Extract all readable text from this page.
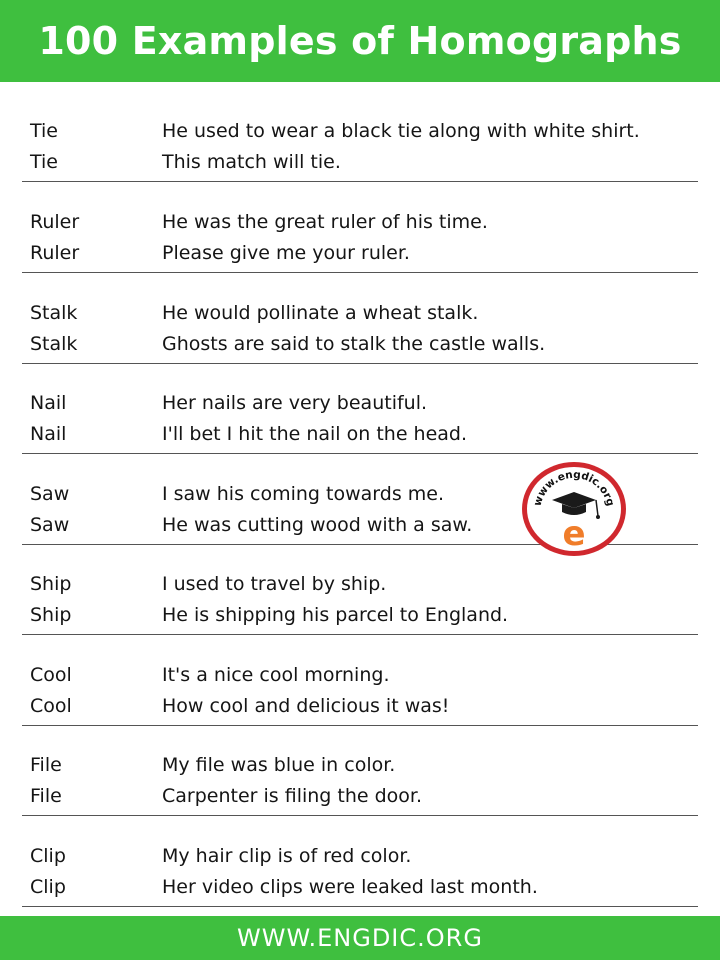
100 Examples of Homographs
Tie	He used to wear a black tie along with white shirt.
Tie	This match will tie.
Ruler	He was the great ruler of his time.
Ruler	Please give me your ruler.
Stalk	He would pollinate a wheat stalk.
Stalk	Ghosts are said to stalk the castle walls.
Nail	Her nails are very beautiful.
Nail	I'll bet I hit the nail on the head.
Saw	I saw his coming towards me.
Saw	He was cutting wood with a saw.
Ship	I used to travel by ship.
Ship	He is shipping his parcel to England.
Cool	It's a nice cool morning.
Cool	How cool and delicious it was!
File	My file was blue in color.
File	Carpenter is filing the door.
Clip	My hair clip is of red color.
Clip	Her video clips were leaked last month.
www.engdic.org
e
WWW.ENGDIC.ORG
